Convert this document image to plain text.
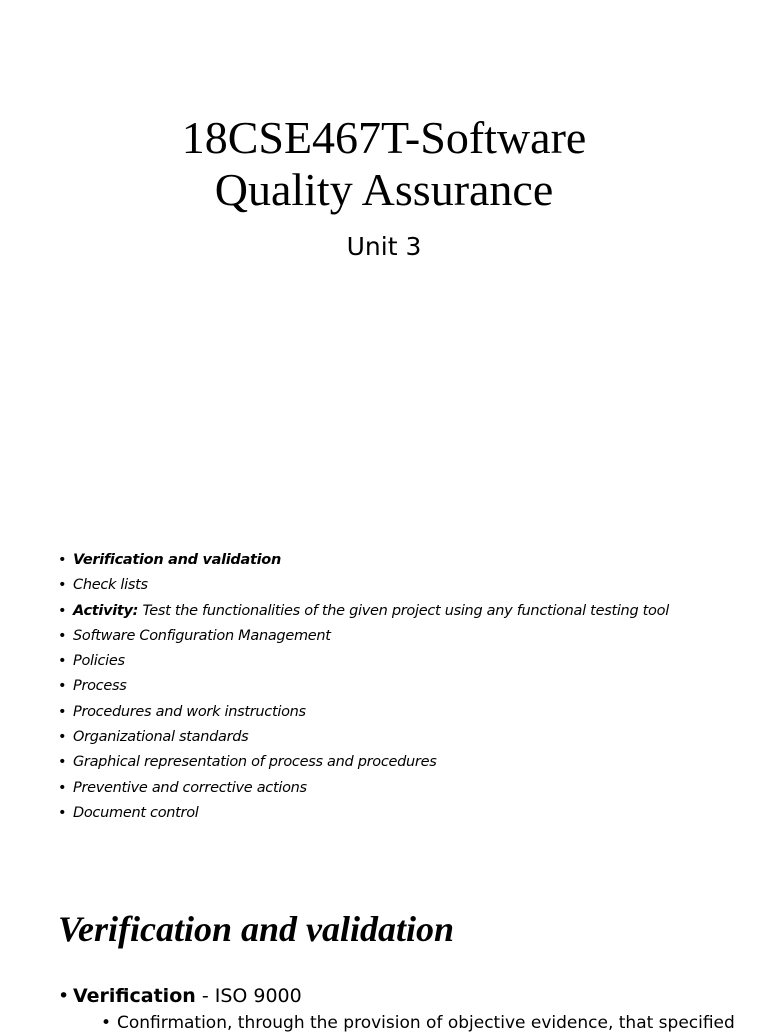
18CSE467T-Software
Quality Assurance
Unit 3
• Verification and validation
• Check lists
• Activity: Test the functionalities of the given project using any functional testing tool
• Software Configuration Management
• Policies
• Process
• Procedures and work instructions
• Organizational standards
• Graphical representation of process and procedures
• Preventive and corrective actions
• Document control
Verification and validation
• Verification - ISO 9000
• Confirmation, through the provision of objective evidence, that specified
